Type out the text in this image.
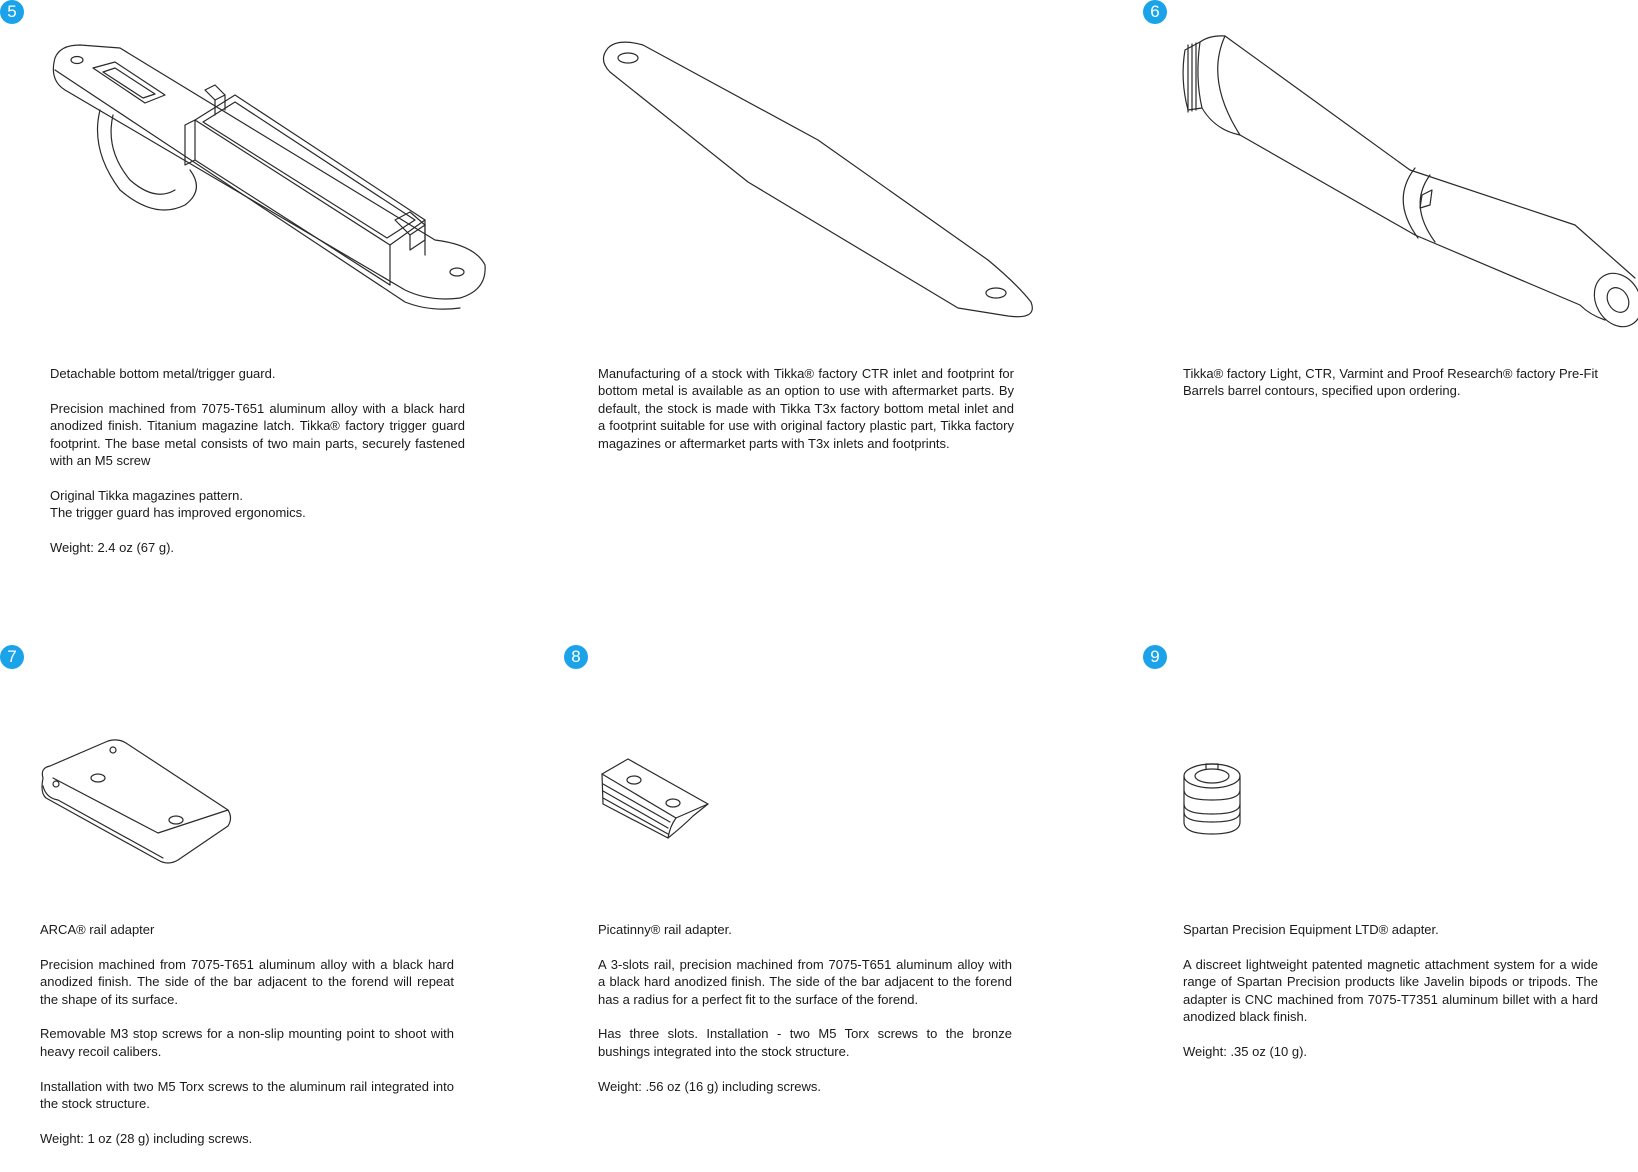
5

Detachable bottom metal/trigger guard.

Precision machined from 7075-T651 aluminum alloy with a black hard anodized finish. Titanium magazine latch. Tikka® factory trigger guard footprint. The base metal consists of two main parts, securely fastened with an M5 screw

Original Tikka magazines pattern.

The trigger guard has improved ergonomics.

Weight: 2.4 oz (67 g).

Manufacturing of a stock with Tikka® factory CTR inlet and footprint for bottom metal is available as an option to use with aftermarket parts. By default, the stock is made with Tikka T3x factory bottom metal inlet and a footprint suitable for use with original factory plastic part, Tikka factory magazines or aftermarket parts with T3x inlets and footprints.

6

Tikka® factory Light, CTR, Varmint and Proof Research® factory Pre-Fit Barrels barrel contours, specified upon ordering.

7

ARCA® rail adapter

Precision machined from 7075-T651 aluminum alloy with a black hard anodized finish. The side of the bar adjacent to the forend will repeat the shape of its surface.

Removable M3 stop screws for a non-slip mounting point to shoot with heavy recoil calibers.

Installation with two M5 Torx screws to the aluminum rail integrated into the stock structure.

Weight: 1 oz (28 g) including screws.

8

Picatinny® rail adapter.

A 3-slots rail, precision machined from 7075-T651 aluminum alloy with a black hard anodized finish. The side of the bar adjacent to the forend has a radius for a perfect fit to the surface of the forend.

Has three slots. Installation - two M5 Torx screws to the bronze bushings integrated into the stock structure.

Weight: .56 oz (16 g) including screws.

9

Spartan Precision Equipment LTD® adapter.

A discreet lightweight patented magnetic attachment system for a wide range of Spartan Precision products like Javelin bipods or tripods. The adapter is CNC machined from 7075-T7351 aluminum billet with a hard anodized black finish.

Weight: .35 oz (10 g).
